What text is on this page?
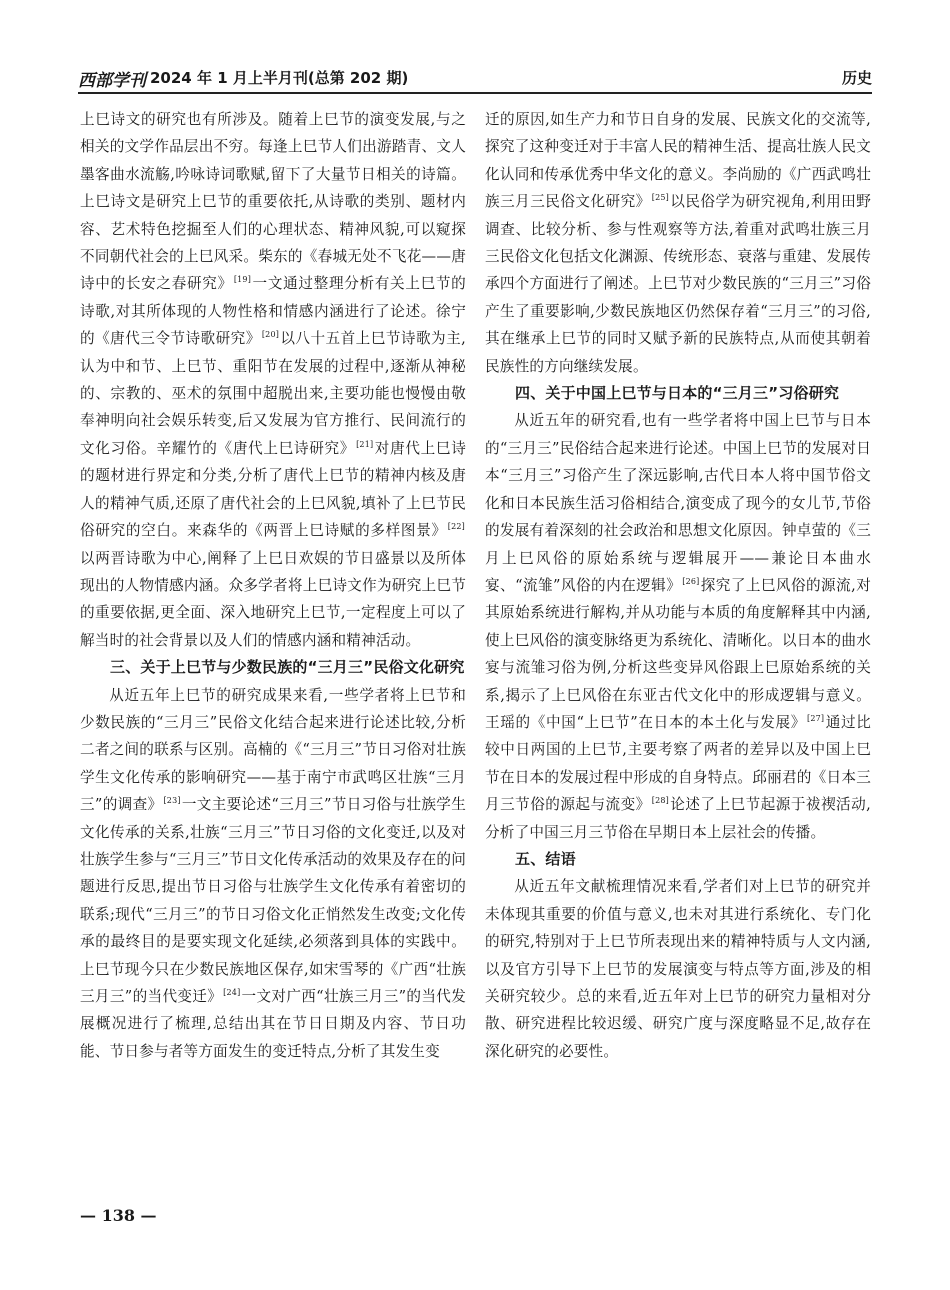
西部学刊 2024 年 1 月上半月刊(总第 202 期)	历史

上巳诗文的研究也有所涉及。随着上巳节的演变发展,与之相关的文学作品层出不穷。每逢上巳节人们出游踏青、文人墨客曲水流觞,吟咏诗词歌赋,留下了大量节日相关的诗篇。上巳诗文是研究上巳节的重要依托,从诗歌的类别、题材内容、艺术特色挖掘至人们的心理状态、精神风貌,可以窥探不同朝代社会的上巳风采。柴东的《春城无处不飞花——唐诗中的长安之春研究》[19]一文通过整理分析有关上巳节的诗歌,对其所体现的人物性格和情感内涵进行了论述。徐宁的《唐代三令节诗歌研究》[20]以八十五首上巳节诗歌为主,认为中和节、上巳节、重阳节在发展的过程中,逐渐从神秘的、宗教的、巫术的氛围中超脱出来,主要功能也慢慢由敬奉神明向社会娱乐转变,后又发展为官方推行、民间流行的文化习俗。辛耀竹的《唐代上巳诗研究》[21]对唐代上巳诗的题材进行界定和分类,分析了唐代上巳节的精神内核及唐人的精神气质,还原了唐代社会的上巳风貌,填补了上巳节民俗研究的空白。来森华的《两晋上巳诗赋的多样图景》[22]以两晋诗歌为中心,阐释了上巳日欢娱的节日盛景以及所体现出的人物情感内涵。众多学者将上巳诗文作为研究上巳节的重要依据,更全面、深入地研究上巳节,一定程度上可以了解当时的社会背景以及人们的情感内涵和精神活动。

三、关于上巳节与少数民族的“三月三”民俗文化研究

从近五年上巳节的研究成果来看,一些学者将上巳节和少数民族的“三月三”民俗文化结合起来进行论述比较,分析二者之间的联系与区别。高楠的《“三月三”节日习俗对壮族学生文化传承的影响研究——基于南宁市武鸣区壮族“三月三”的调查》[23]一文主要论述“三月三”节日习俗与壮族学生文化传承的关系,壮族“三月三”节日习俗的文化变迁,以及对壮族学生参与“三月三”节日文化传承活动的效果及存在的问题进行反思,提出节日习俗与壮族学生文化传承有着密切的联系;现代“三月三”的节日习俗文化正悄然发生改变;文化传承的最终目的是要实现文化延续,必须落到具体的实践中。上巳节现今只在少数民族地区保存,如宋雪琴的《广西“壮族三月三”的当代变迁》[24]一文对广西“壮族三月三”的当代发展概况进行了梳理,总结出其在节日日期及内容、节日功能、节日参与者等方面发生的变迁特点,分析了其发生变

迁的原因,如生产力和节日自身的发展、民族文化的交流等,探究了这种变迁对于丰富人民的精神生活、提高壮族人民文化认同和传承优秀中华文化的意义。李尚励的《广西武鸣壮族三月三民俗文化研究》[25]以民俗学为研究视角,利用田野调查、比较分析、参与性观察等方法,着重对武鸣壮族三月三民俗文化包括文化渊源、传统形态、衰落与重建、发展传承四个方面进行了阐述。上巳节对少数民族的“三月三”习俗产生了重要影响,少数民族地区仍然保存着“三月三”的习俗,其在继承上巳节的同时又赋予新的民族特点,从而使其朝着民族性的方向继续发展。

四、关于中国上巳节与日本的“三月三”习俗研究

从近五年的研究看,也有一些学者将中国上巳节与日本的“三月三”民俗结合起来进行论述。中国上巳节的发展对日本“三月三”习俗产生了深远影响,古代日本人将中国节俗文化和日本民族生活习俗相结合,演变成了现今的女儿节,节俗的发展有着深刻的社会政治和思想文化原因。钟卓萤的《三月上巳风俗的原始系统与逻辑展开——兼论日本曲水宴、“流雏”风俗的内在逻辑》[26]探究了上巳风俗的源流,对其原始系统进行解构,并从功能与本质的角度解释其中内涵,使上巳风俗的演变脉络更为系统化、清晰化。以日本的曲水宴与流雏习俗为例,分析这些变异风俗跟上巳原始系统的关系,揭示了上巳风俗在东亚古代文化中的形成逻辑与意义。王瑶的《中国“上巳节”在日本的本土化与发展》[27]通过比较中日两国的上巳节,主要考察了两者的差异以及中国上巳节在日本的发展过程中形成的自身特点。邱丽君的《日本三月三节俗的源起与流变》[28]论述了上巳节起源于祓禊活动,分析了中国三月三节俗在早期日本上层社会的传播。

五、结语

从近五年文献梳理情况来看,学者们对上巳节的研究并未体现其重要的价值与意义,也未对其进行系统化、专门化的研究,特别对于上巳节所表现出来的精神特质与人文内涵,以及官方引导下上巳节的发展演变与特点等方面,涉及的相关研究较少。总的来看,近五年对上巳节的研究力量相对分散、研究进程比较迟缓、研究广度与深度略显不足,故存在深化研究的必要性。

— 138 —
